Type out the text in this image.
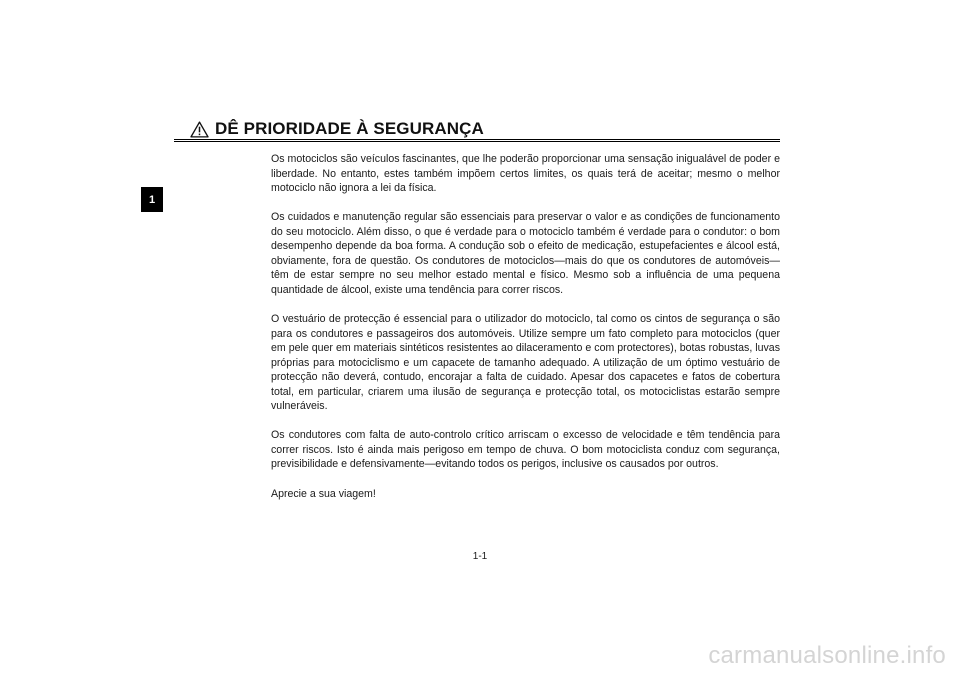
1
DÊ PRIORIDADE À SEGURANÇA

Os motociclos são veículos fascinantes, que lhe poderão proporcionar uma sensação inigualável de poder e liberdade. No entanto, estes também impõem certos limites, os quais terá de aceitar; mesmo o melhor motociclo não ignora a lei da física.

Os cuidados e manutenção regular são essenciais para preservar o valor e as condições de funcionamento do seu motociclo. Além disso, o que é verdade para o motociclo também é verdade para o condutor: o bom desempenho depende da boa forma. A condução sob o efeito de medicação, estupefacientes e álcool está, obviamente, fora de questão. Os condutores de motociclos—mais do que os condutores de automóveis—têm de estar sempre no seu melhor estado mental e físico. Mesmo sob a influência de uma pequena quantidade de álcool, existe uma tendência para correr riscos.

O vestuário de protecção é essencial para o utilizador do motociclo, tal como os cintos de segurança o são para os condutores e passageiros dos automóveis. Utilize sempre um fato completo para motociclos (quer em pele quer em materiais sintéticos resistentes ao dilaceramento e com protectores), botas robustas, luvas próprias para motociclismo e um capacete de tamanho adequado. A utilização de um óptimo vestuário de protecção não deverá, contudo, encorajar a falta de cuidado. Apesar dos capacetes e fatos de cobertura total, em particular, criarem uma ilusão de segurança e protecção total, os motociclistas estarão sempre vulneráveis.

Os condutores com falta de auto-controlo crítico arriscam o excesso de velocidade e têm tendência para correr riscos. Isto é ainda mais perigoso em tempo de chuva. O bom motociclista conduz com segurança, previsibilidade e defensivamente—evitando todos os perigos, inclusive os causados por outros.

Aprecie a sua viagem!

1-1
carmanualsonline.info
